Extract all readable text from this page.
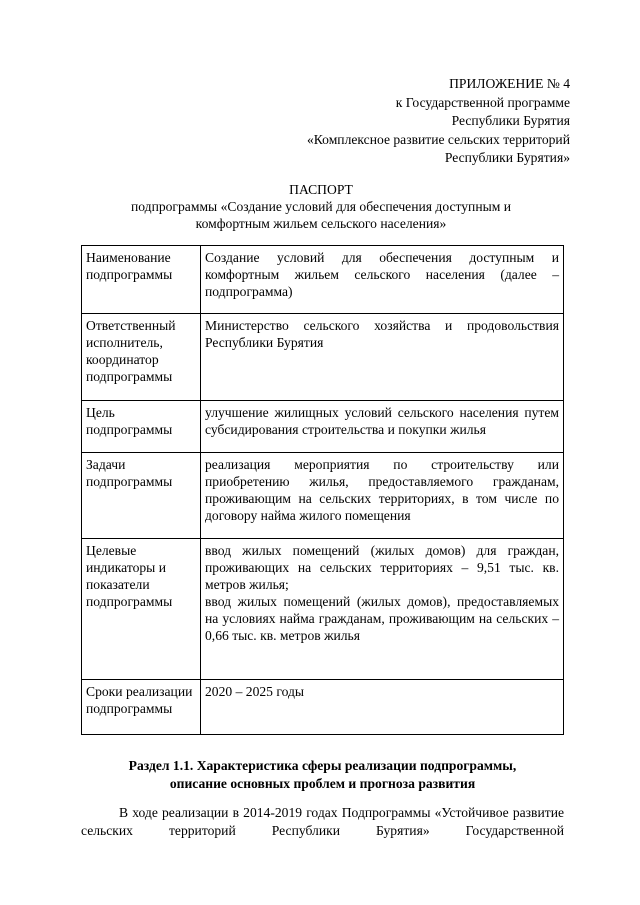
ПРИЛОЖЕНИЕ № 4
к Государственной программе
Республики Бурятия
«Комплексное развитие сельских территорий
Республики Бурятия»
ПАСПОРТ
подпрограммы «Создание условий для обеспечения доступным и
комфортным жильем сельского населения»
Наименование подпрограммы	Создание условий для обеспечения доступным и комфортным жильем сельского населения (далее – подпрограмма)
Ответственный исполнитель, координатор подпрограммы	Министерство сельского хозяйства и продовольствия Республики Бурятия
Цель подпрограммы	улучшение жилищных условий сельского населения путем субсидирования строительства и покупки жилья
Задачи подпрограммы	реализация мероприятия по строительству или приобретению жилья, предоставляемого гражданам, проживающим на сельских территориях, в том числе по договору найма жилого помещения
Целевые индикаторы и показатели подпрограммы	ввод жилых помещений (жилых домов) для граждан, проживающих на сельских территориях – 9,51 тыс. кв. метров жилья;
ввод жилых помещений (жилых домов), предоставляемых на условиях найма гражданам, проживающим на сельских – 0,66 тыс. кв. метров жилья

Сроки реализации подпрограммы	2020 – 2025 годы
Раздел 1.1. Характеристика сферы реализации подпрограммы,
описание основных проблем и прогноза развития
В ходе реализации в 2014-2019 годах Подпрограммы «Устойчивое развитие сельских территорий Республики Бурятия» Государственной
